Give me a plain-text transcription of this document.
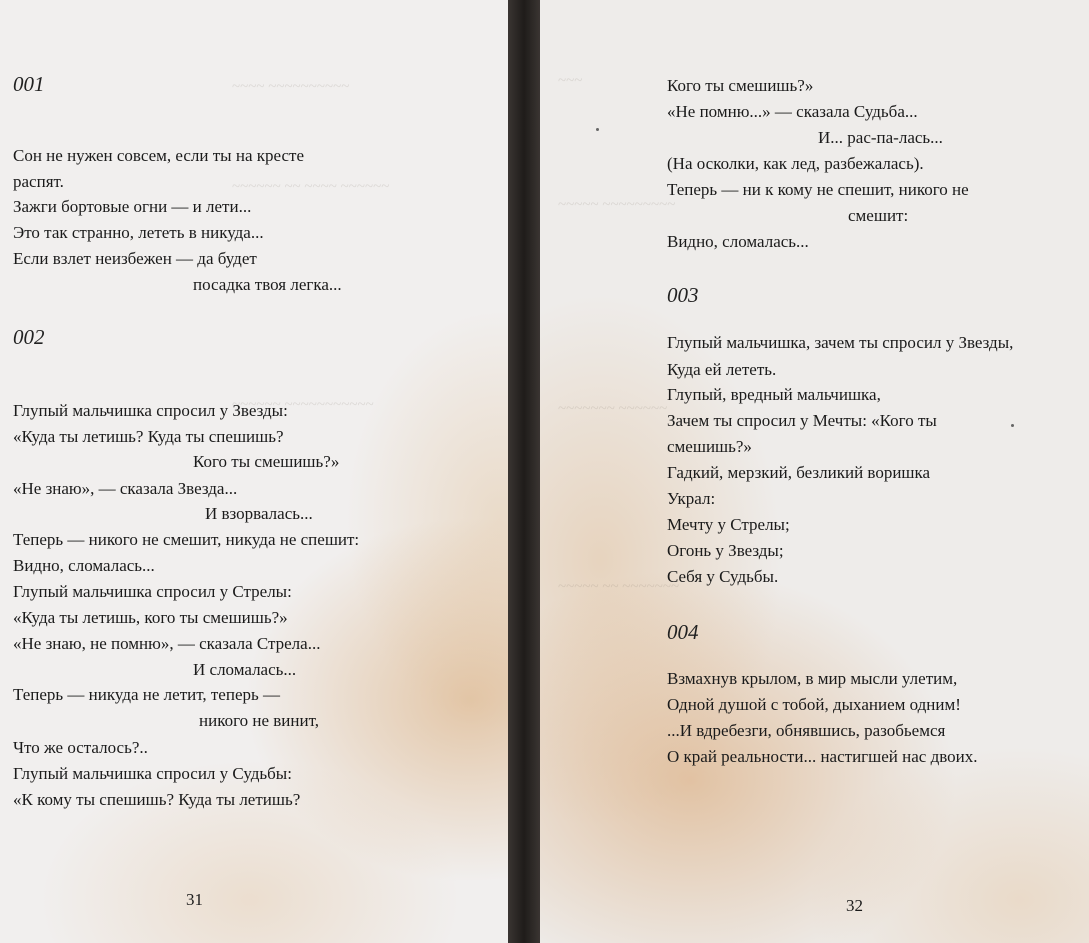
~~~~ ~~~~~~~~~~
~~~~~~ ~~ ~~~~ ~~~~~~
~~~~~~ ~~~~~~~~~~~
001
Сон не нужен совсем, если ты на кресте
распят.
Зажги бортовые огни — и лети...
Это так странно, лететь в никуда...
Если взлет неизбежен — да будет
посадка твоя легка...
002
Глупый мальчишка спросил у Звезды:
«Куда ты летишь? Куда ты спешишь?
Кого ты смешишь?»
«Не знаю», — сказала Звезда...
И взорвалась...
Теперь — никого не смешит, никуда не спешит:
Видно, сломалась...
Глупый мальчишка спросил у Стрелы:
«Куда ты летишь, кого ты смешишь?»
«Не знаю, не помню», — сказала Стрела...
И сломалась...
Теперь — никуда не летит, теперь —
никого не винит,
Что же осталось?..
Глупый мальчишка спросил у Судьбы:
«К кому ты спешишь? Куда ты летишь?
31
~~~
~~~~~ ~~~~~~~~~
~~~~~~~ ~~~~~~
~~~~~ ~~ ~~~~~~~
Кого ты смешишь?»
«Не помню...» — сказала Судьба...
И... рас-па-лась...
(На осколки, как лед, разбежалась).
Теперь — ни к кому не спешит, никого не
смешит:
Видно, сломалась...
003
Глупый мальчишка, зачем ты спросил у Звезды,
Куда ей лететь.
Глупый, вредный мальчишка,
Зачем ты спросил у Мечты: «Кого ты
смешишь?»
Гадкий, мерзкий, безликий воришка
Украл:
Мечту у Стрелы;
Огонь у Звезды;
Себя у Судьбы.
004
Взмахнув крылом, в мир мысли улетим,
Одной душой с тобой, дыханием одним!
...И вдребезги, обнявшись, разобьемся
О край реальности... настигшей нас двоих.
32
